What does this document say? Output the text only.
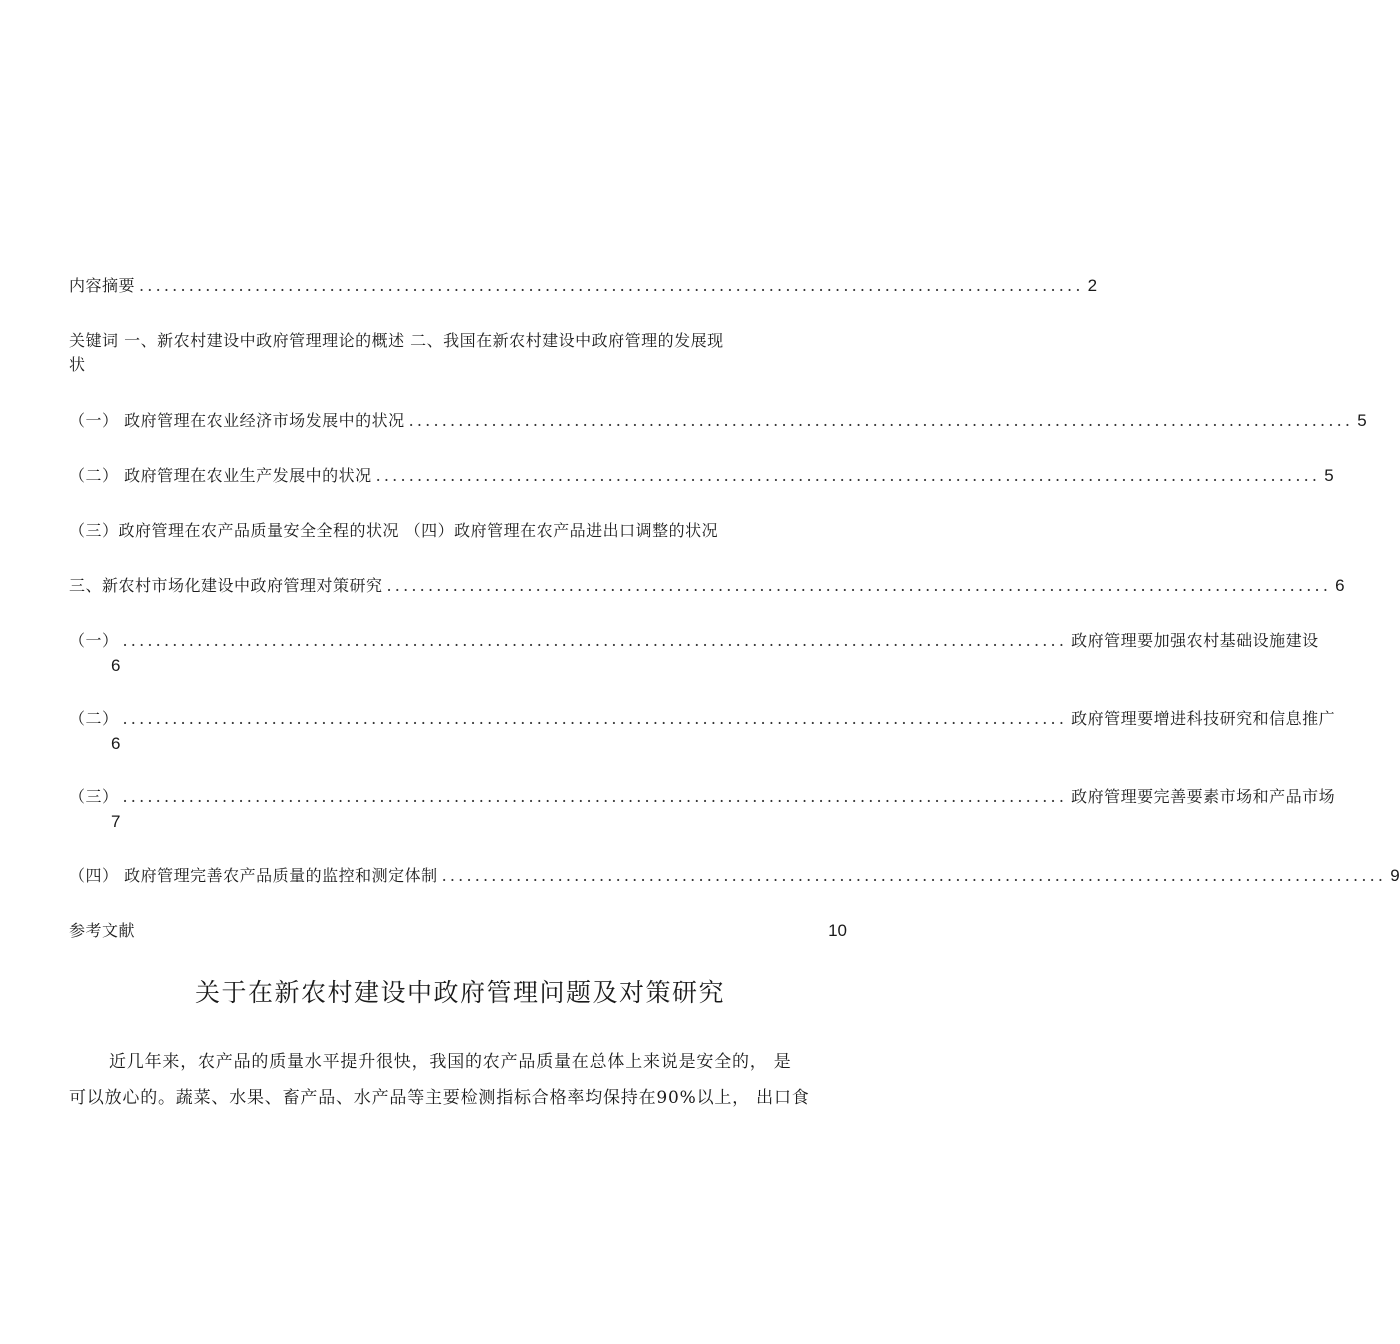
内容摘要 .................................................................................................................. 2
关键词 一、新农村建设中政府管理理论的概述 二、我国在新农村建设中政府管理的发展现
状
（一） 政府管理在农业经济市场发展中的状况 .................................................................................................................. 5
（二） 政府管理在农业生产发展中的状况 .................................................................................................................. 5
（三）政府管理在农产品质量安全全程的状况 （四）政府管理在农产品进出口调整的状况
三、新农村市场化建设中政府管理对策研究 .................................................................................................................. 6
（一） .................................................................................................................. 政府管理要加强农村基础设施建设
6
（二） .................................................................................................................. 政府管理要增进科技研究和信息推广
6
（三） .................................................................................................................. 政府管理要完善要素市场和产品市场
7
（四） 政府管理完善农产品质量的监控和测定体制 .................................................................................................................. 9
参考文献	10
关于在新农村建设中政府管理问题及对策研究
近几年来，农产品的质量水平提升很快，我国的农产品质量在总体上来说是安全的， 是
可以放心的。蔬菜、水果、畜产品、水产品等主要检测指标合格率均保持在90%以上， 出口食
